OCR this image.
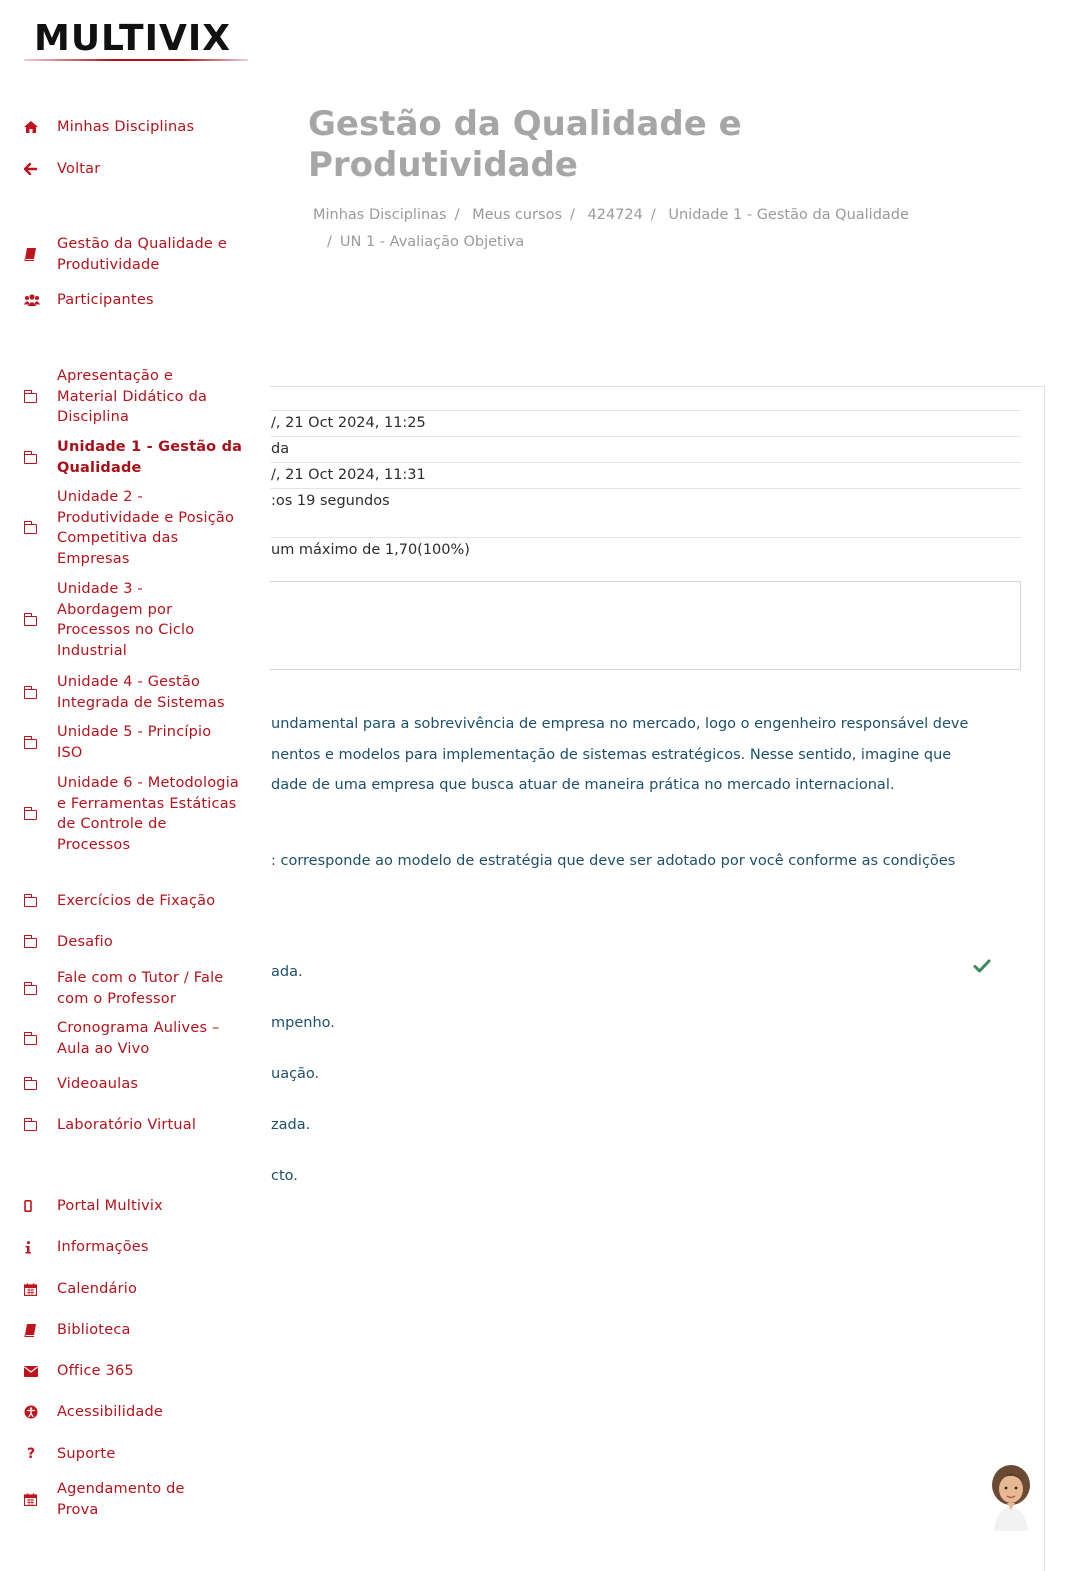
Gestão da Qualidade e Produtividade
Minhas Disciplinas / Meus cursos / 424724 / Unidade 1 - Gestão da Qualidade
/ UN 1 - Avaliação Objetiva
/, 21 Oct 2024, 11:25
da
/, 21 Oct 2024, 11:31
:os 19 segundos
um máximo de 1,70(100%)
undamental para a sobrevivência de empresa no mercado, logo o engenheiro responsável deve
nentos e modelos para implementação de sistemas estratégicos. Nesse sentido, imagine que
dade de uma empresa que busca atuar de maneira prática no mercado internacional.
: corresponde ao modelo de estratégia que deve ser adotado por você conforme as condições
ada.
mpenho.
uação.
zada.
cto.
MULTIVIX
Minhas Disciplinas
Voltar
Gestão da Qualidade e Produtividade
Participantes
Apresentação e Material Didático da Disciplina
Unidade 1 - Gestão da Qualidade
Unidade 2 - Produtividade e Posição Competitiva das Empresas
Unidade 3 - Abordagem por Processos no Ciclo Industrial
Unidade 4 - Gestão Integrada de Sistemas
Unidade 5 - Princípio ISO
Unidade 6 - Metodologia e Ferramentas Estáticas de Controle de Processos
Exercícios de Fixação
Desafio
Fale com o Tutor / Fale com o Professor
Cronograma Aulives – Aula ao Vivo
Videoaulas
Laboratório Virtual
Portal Multivix
Informações
Calendário
Biblioteca
Office 365
Acessibilidade
? Suporte
Agendamento de Prova
